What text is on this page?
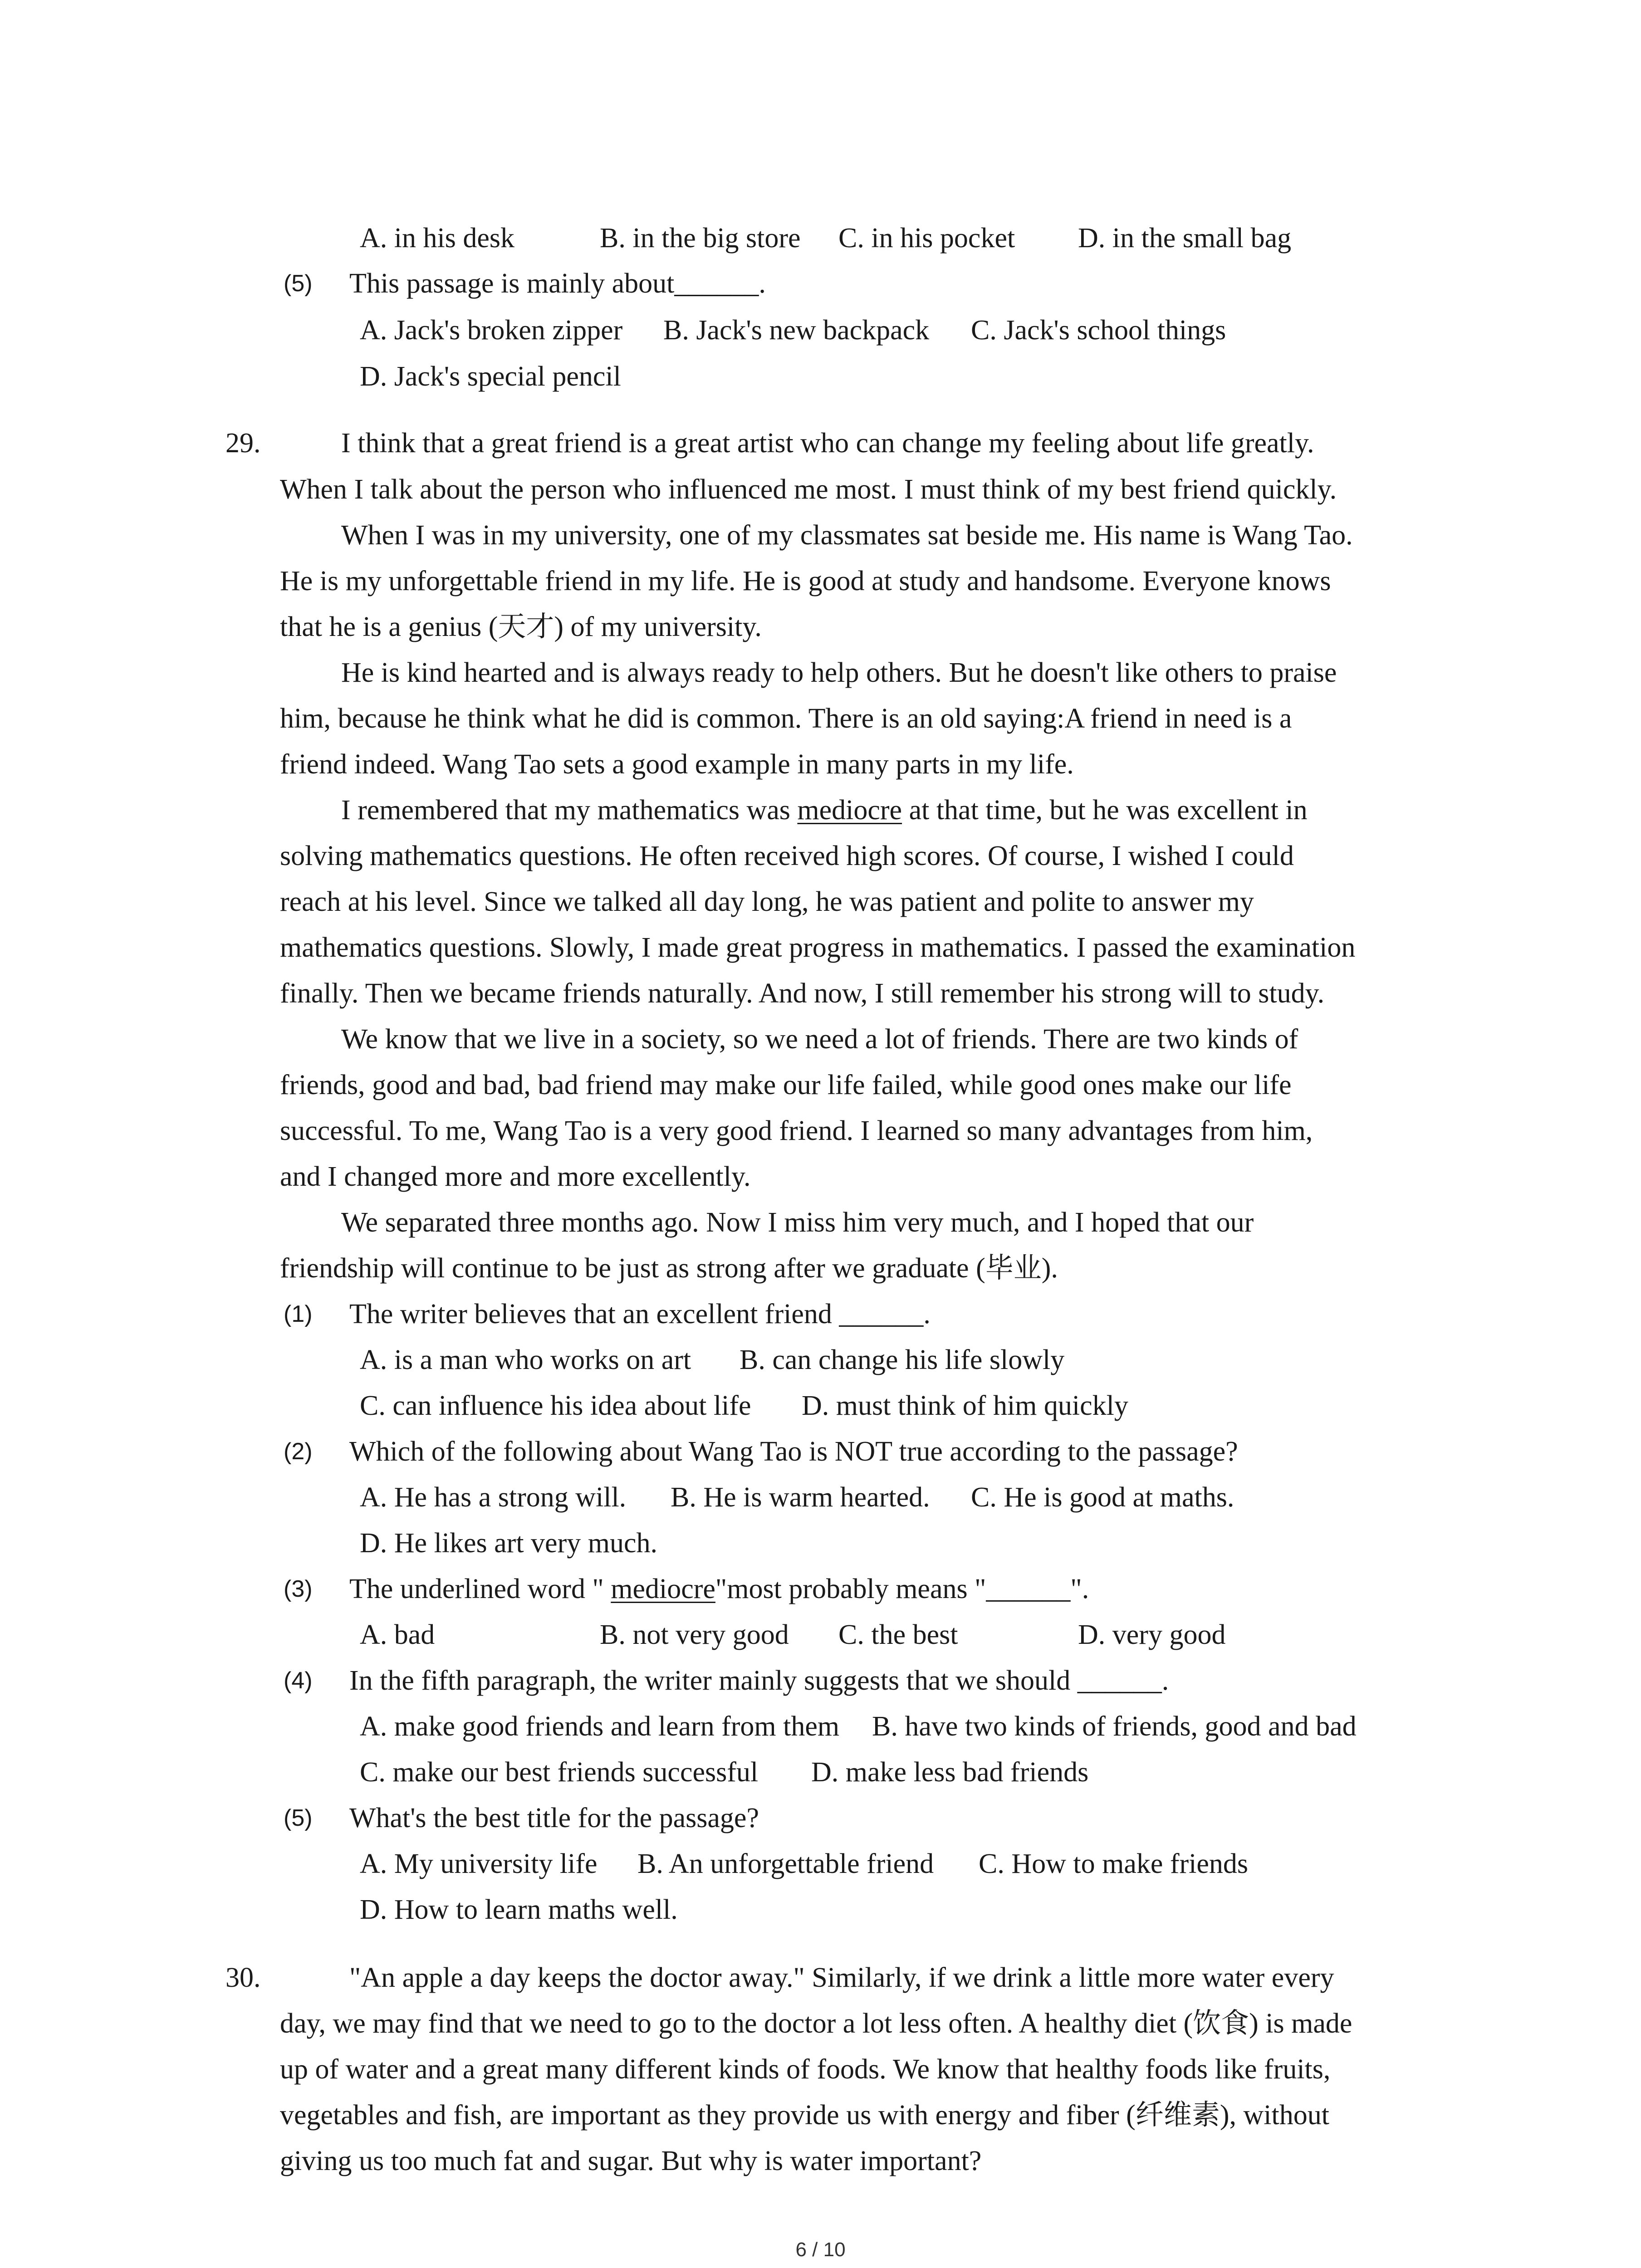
A. in his desk	B. in the big store C. in his pocket D. in the small bag
(5) This passage is mainly about______.
A. Jack's broken zipper B. Jack's new backpack C. Jack's school things
D. Jack's special pencil
29.	I think that a great friend is a great artist who can change my feeling about life greatly.
When I talk about the person who influenced me most. I must think of my best friend quickly.
When I was in my university, one of my classmates sat beside me. His name is Wang Tao.
He is my unforgettable friend in my life. He is good at study and handsome. Everyone knows
that he is a genius (天才) of my university.
He is kind hearted and is always ready to help others. But he doesn't like others to praise
him, because he think what he did is common. There is an old saying:A friend in need is a
friend indeed. Wang Tao sets a good example in many parts in my life.
I remembered that my mathematics was mediocre at that time, but he was excellent in
solving mathematics questions. He often received high scores. Of course, I wished I could
reach at his level. Since we talked all day long, he was patient and polite to answer my
mathematics questions. Slowly, I made great progress in mathematics. I passed the examination
finally. Then we became friends naturally. And now, I still remember his strong will to study.
We know that we live in a society, so we need a lot of friends. There are two kinds of
friends, good and bad, bad friend may make our life failed, while good ones make our life
successful. To me, Wang Tao is a very good friend. I learned so many advantages from him,
and I changed more and more excellently.
We separated three months ago. Now I miss him very much, and I hoped that our
friendship will continue to be just as strong after we graduate (毕业).
(1) The writer believes that an excellent friend ______.
A. is a man who works on art B. can change his life slowly
C. can influence his idea about life D. must think of him quickly
(2) Which of the following about Wang Tao is NOT true according to the passage?
A. He has a strong will. B. He is warm hearted. C. He is good at maths.
D. He likes art very much.
(3) The underlined word " mediocre"most probably means "______".
A. bad	B. not very good C. the best	D. very good
(4) In the fifth paragraph, the writer mainly suggests that we should ______.
A. make good friends and learn from them B. have two kinds of friends, good and bad
C. make our best friends successful D. make less bad friends
(5) What's the best title for the passage?
A. My university life B. An unforgettable friend C. How to make friends
D. How to learn maths well.
30.	"An apple a day keeps the doctor away." Similarly, if we drink a little more water every
day, we may find that we need to go to the doctor a lot less often. A healthy diet (饮食) is made
up of water and a great many different kinds of foods. We know that healthy foods like fruits,
vegetables and fish, are important as they provide us with energy and fiber (纤维素), without
giving us too much fat and sugar. But why is water important?
6 / 10
